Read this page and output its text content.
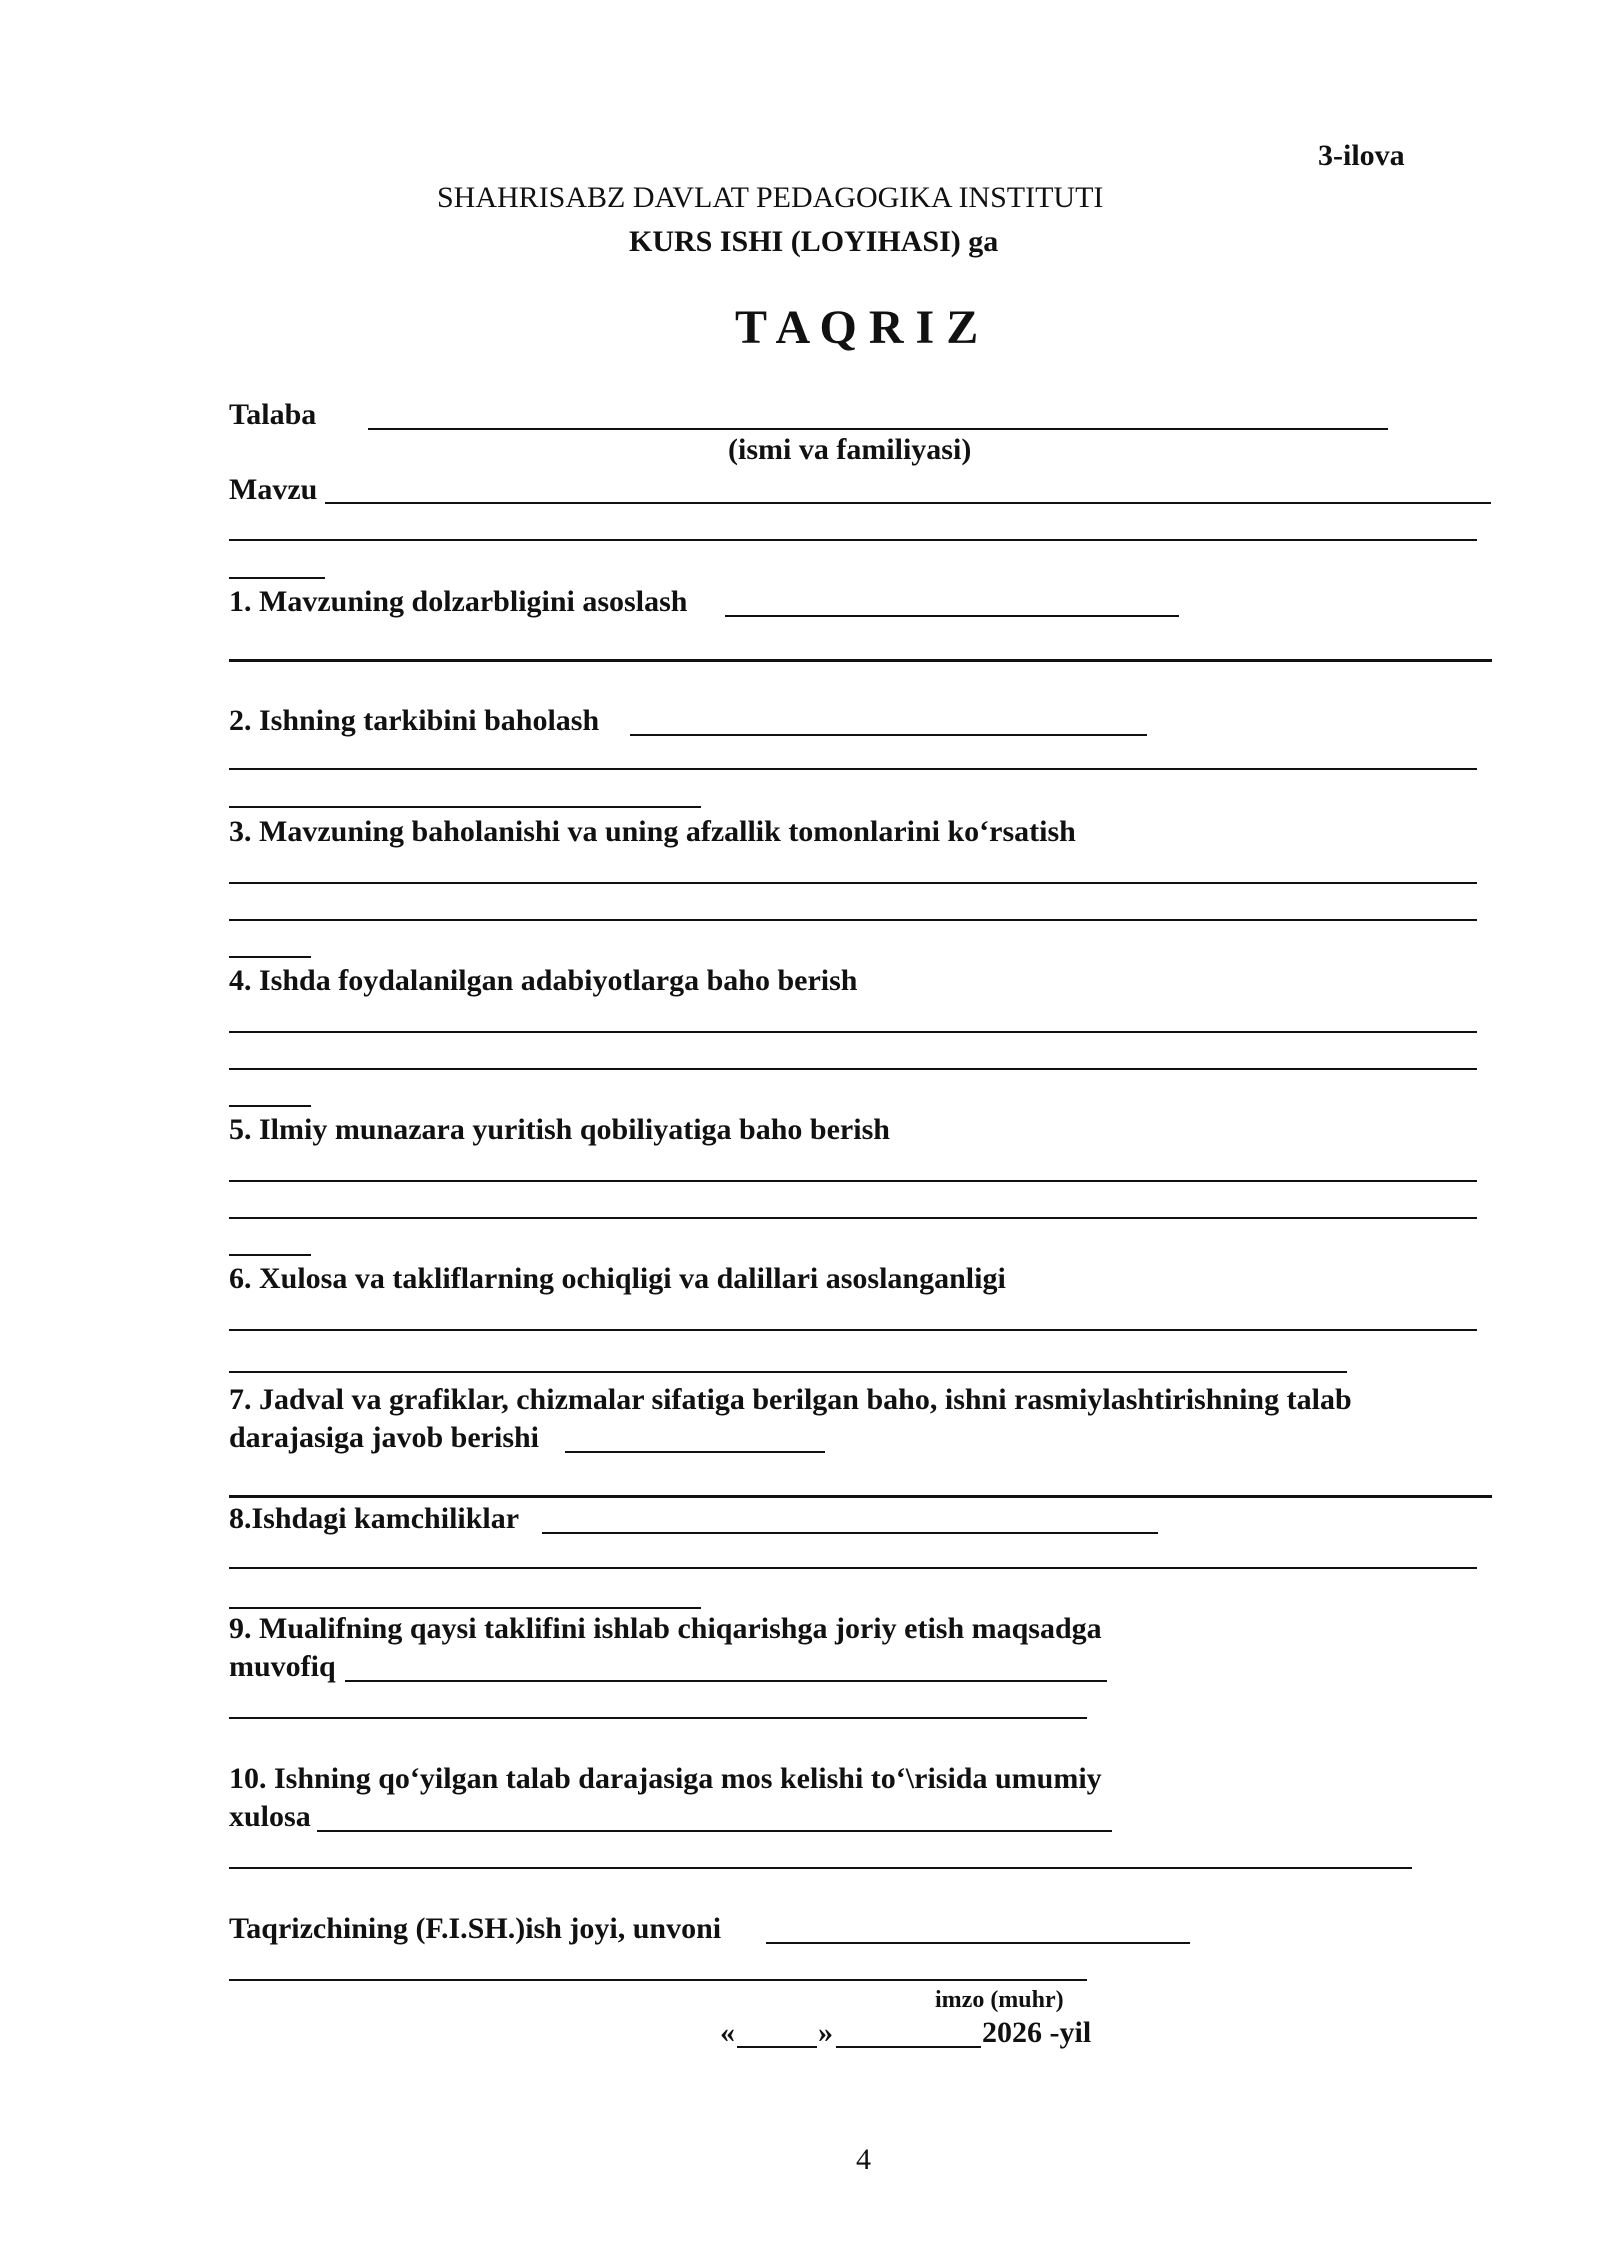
3-ilova
SHAHRISABZ DAVLAT PEDAGOGIKA INSTITUTI
KURS ISHI (LOYIHASI) ga
T A Q R I Z
Talaba
(ismi va familiyasi)
Mavzu
1. Mavzuning dolzarbligini asoslash
2. Ishning tarkibini baholash
3. Mavzuning baholanishi va uning afzallik tomonlarini ko‘rsatish
4. Ishda foydalanilgan adabiyotlarga baho berish
5. Ilmiy munazara yuritish qobiliyatiga baho berish
6. Xulosa va takliflarning ochiqligi va dalillari asoslanganligi
7. Jadval va grafiklar, chizmalar sifatiga berilgan baho, ishni rasmiylashtirishning talab
darajasiga javob berishi
8.Ishdagi kamchiliklar
9. Mualifning qaysi taklifini ishlab chiqarishga joriy etish maqsadga
muvofiq
10. Ishning qo‘yilgan talab darajasiga mos kelishi to‘\risida umumiy
xulosa
Taqrizchining (F.I.SH.)ish joyi, unvoni
imzo (muhr)
«	»	2026 -yil
4
